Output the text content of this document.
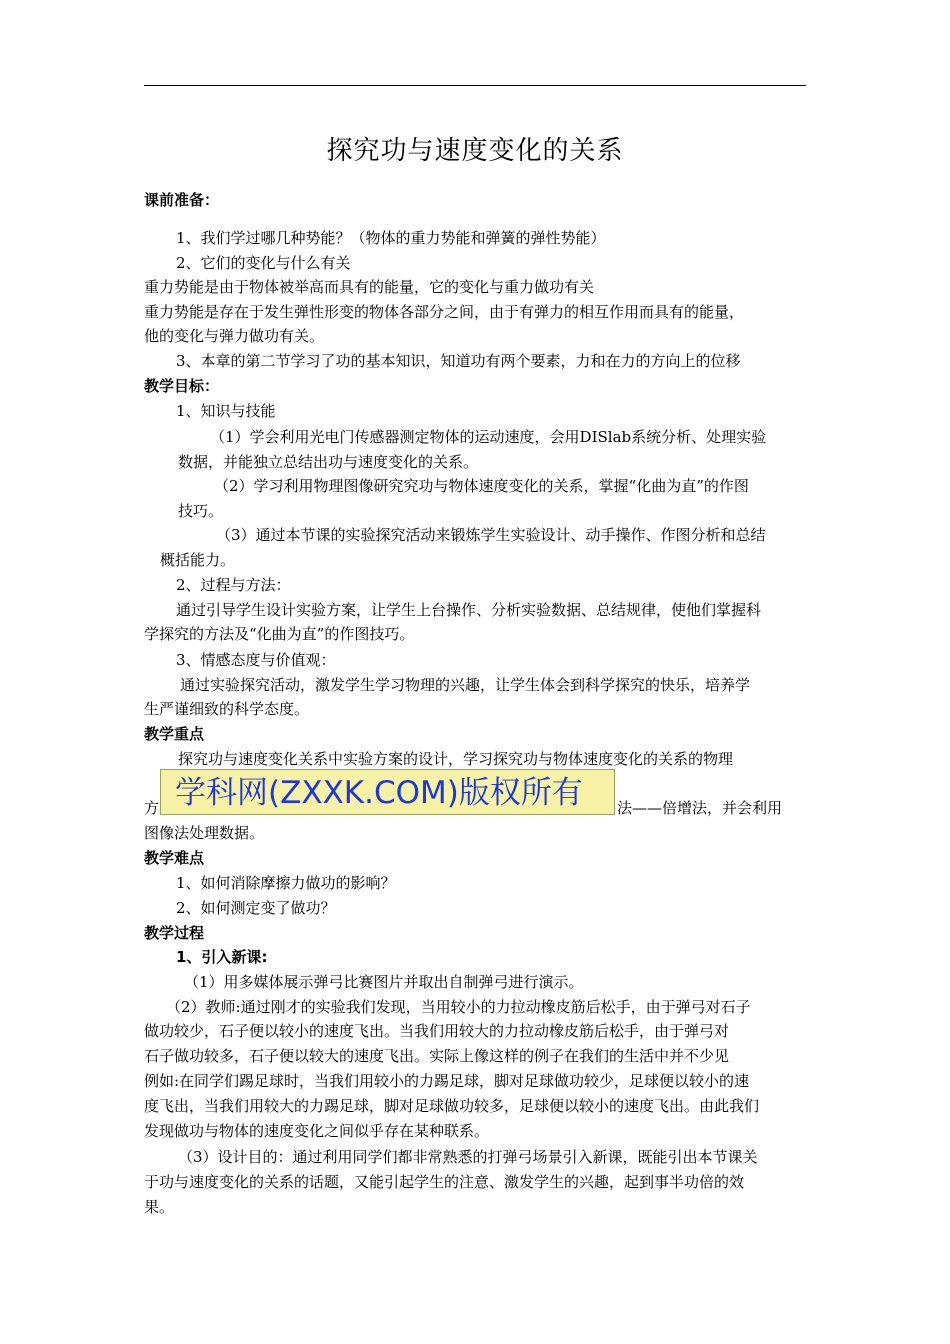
探究功与速度变化的关系
课前准备：
1、我们学过哪几种势能？（物体的重力势能和弹簧的弹性势能）
2、它们的变化与什么有关
重力势能是由于物体被举高而具有的能量，它的变化与重力做功有关
重力势能是存在于发生弹性形变的物体各部分之间，由于有弹力的相互作用而具有的能量，
他的变化与弹力做功有关。
3、本章的第二节学习了功的基本知识，知道功有两个要素，力和在力的方向上的位移
教学目标：
1、知识与技能
（1）学会利用光电门传感器测定物体的运动速度，会用DISlab系统分析、处理实验
数据，并能独立总结出功与速度变化的关系。
（2）学习利用物理图像研究究功与物体速度变化的关系，掌握“化曲为直”的作图
技巧。
（3）通过本节课的实验探究活动来锻炼学生实验设计、动手操作、作图分析和总结
概括能力。
2、过程与方法：
通过引导学生设计实验方案，让学生上台操作、分析实验数据、总结规律，使他们掌握科
学探究的方法及“化曲为直”的作图技巧。
3、情感态度与价值观：
通过实验探究活动，激发学生学习物理的兴趣，让学生体会到科学探究的快乐，培养学
生严谨细致的科学态度。
教学重点
探究功与速度变化关系中实验方案的设计，学习探究功与物体速度变化的关系的物理
方	法——倍增法，并会利用
图像法处理数据。
学科网(ZXXK.COM)版权所有
教学难点
1、如何消除摩擦力做功的影响？
2、如何测定变了做功？
教学过程
1、引入新课:
（1）用多媒体展示弹弓比赛图片并取出自制弹弓进行演示。
（2）教师:通过刚才的实验我们发现，当用较小的力拉动橡皮筋后松手，由于弹弓对石子
做功较少，石子便以较小的速度飞出。当我们用较大的力拉动橡皮筋后松手，由于弹弓对
石子做功较多，石子便以较大的速度飞出。实际上像这样的例子在我们的生活中并不少见
例如:在同学们踢足球时，当我们用较小的力踢足球，脚对足球做功较少，足球便以较小的速
度飞出，当我们用较大的力踢足球，脚对足球做功较多，足球便以较小的速度飞出。由此我们
发现做功与物体的速度变化之间似乎存在某种联系。
（3）设计目的：通过利用同学们都非常熟悉的打弹弓场景引入新课，既能引出本节课关
于功与速度变化的关系的话题，又能引起学生的注意、激发学生的兴趣，起到事半功倍的效
果。
